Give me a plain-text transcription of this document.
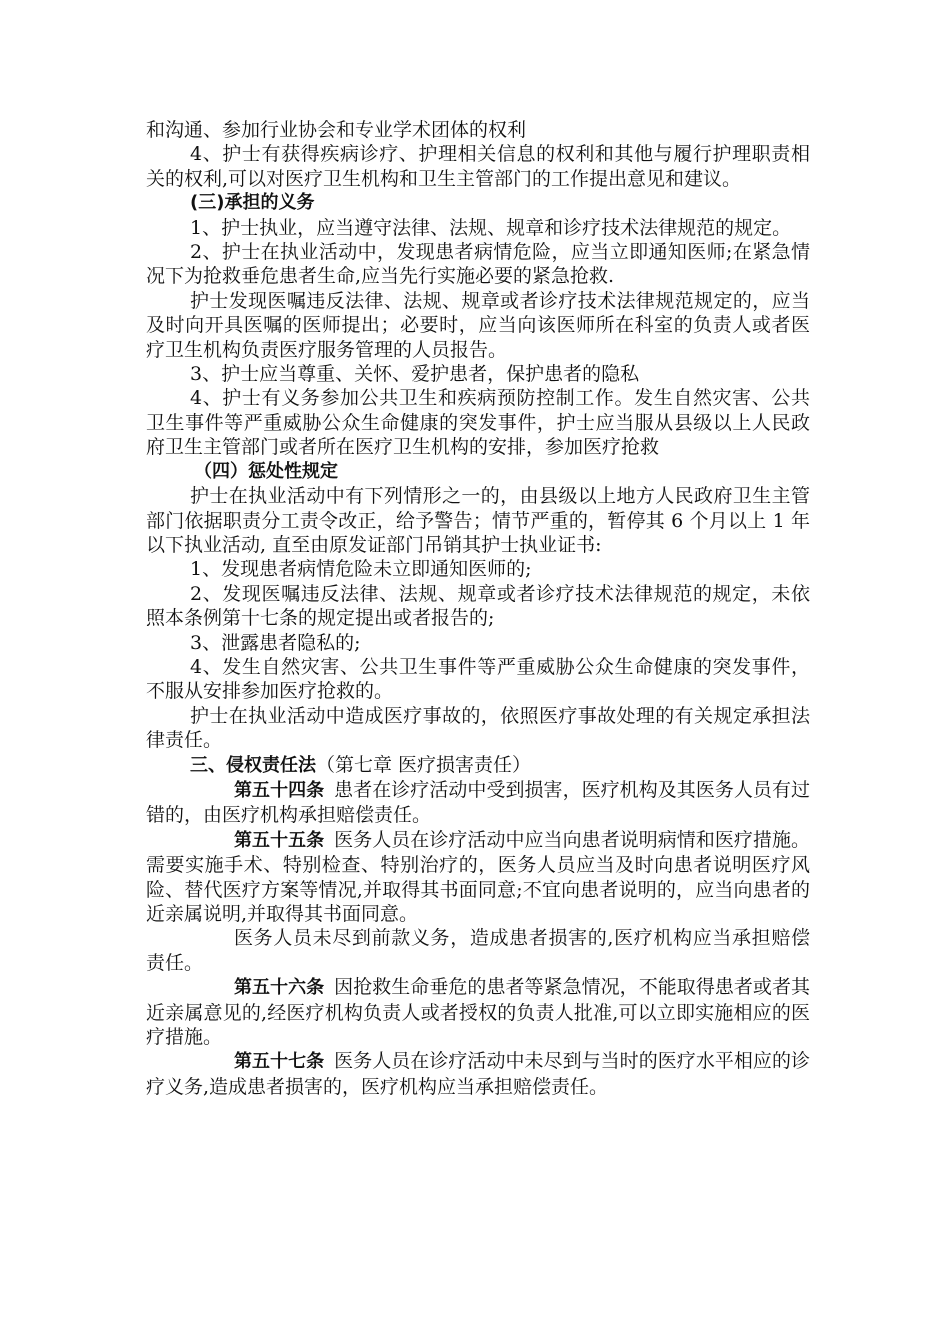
和沟通、参加行业协会和专业学术团体的权利

4、护士有获得疾病诊疗、护理相关信息的权利和其他与履行护理职责相关的权利,可以对医疗卫生机构和卫生主管部门的工作提出意见和建议。

(三)承担的义务

1、护士执业，应当遵守法律、法规、规章和诊疗技术法律规范的规定。

2、护士在执业活动中，发现患者病情危险，应当立即通知医师;在紧急情况下为抢救垂危患者生命,应当先行实施必要的紧急抢救.

护士发现医嘱违反法律、法规、规章或者诊疗技术法律规范规定的，应当及时向开具医嘱的医师提出；必要时，应当向该医师所在科室的负责人或者医疗卫生机构负责医疗服务管理的人员报告。

3、护士应当尊重、关怀、爱护患者，保护患者的隐私

4、护士有义务参加公共卫生和疾病预防控制工作。发生自然灾害、公共卫生事件等严重威胁公众生命健康的突发事件，护士应当服从县级以上人民政府卫生主管部门或者所在医疗卫生机构的安排，参加医疗抢救

（四）惩处性规定

护士在执业活动中有下列情形之一的，由县级以上地方人民政府卫生主管部门依据职责分工责令改正，给予警告；情节严重的，暂停其 6 个月以上 1 年以下执业活动, 直至由原发证部门吊销其护士执业证书:

1、发现患者病情危险未立即通知医师的;

2、发现医嘱违反法律、法规、规章或者诊疗技术法律规范的规定，未依照本条例第十七条的规定提出或者报告的;

3、泄露患者隐私的;

4、发生自然灾害、公共卫生事件等严重威胁公众生命健康的突发事件，不服从安排参加医疗抢救的。

护士在执业活动中造成医疗事故的，依照医疗事故处理的有关规定承担法律责任。

三、侵权责任法（第七章 医疗损害责任）

第五十四条 患者在诊疗活动中受到损害，医疗机构及其医务人员有过错的，由医疗机构承担赔偿责任。

第五十五条 医务人员在诊疗活动中应当向患者说明病情和医疗措施。需要实施手术、特别检查、特别治疗的，医务人员应当及时向患者说明医疗风险、替代医疗方案等情况,并取得其书面同意;不宜向患者说明的，应当向患者的近亲属说明,并取得其书面同意。

医务人员未尽到前款义务，造成患者损害的,医疗机构应当承担赔偿责任。

第五十六条 因抢救生命垂危的患者等紧急情况，不能取得患者或者其近亲属意见的,经医疗机构负责人或者授权的负责人批准,可以立即实施相应的医疗措施。

第五十七条 医务人员在诊疗活动中未尽到与当时的医疗水平相应的诊疗义务,造成患者损害的，医疗机构应当承担赔偿责任。
